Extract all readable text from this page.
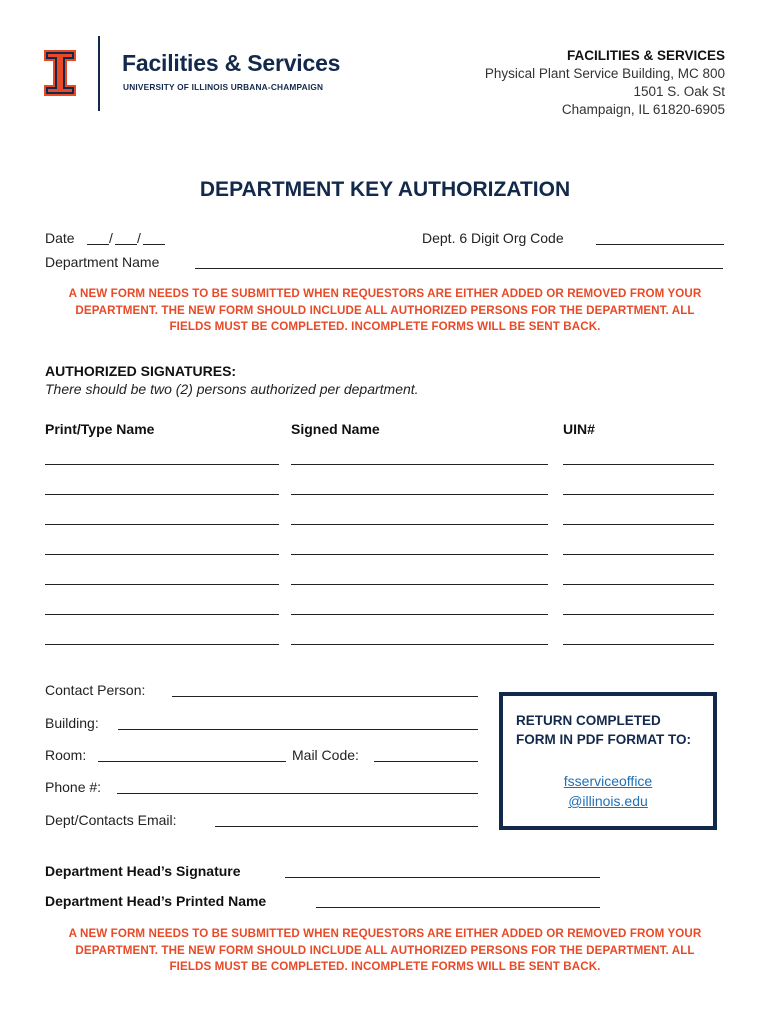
Facilities & Services
UNIVERSITY OF ILLINOIS URBANA-CHAMPAIGN
FACILITIES & SERVICES
Physical Plant Service Building, MC 800
1501 S. Oak St
Champaign, IL 61820-6905
DEPARTMENT KEY AUTHORIZATION
Date / /	Dept. 6 Digit Org Code
Department Name
A NEW FORM NEEDS TO BE SUBMITTED WHEN REQUESTORS ARE EITHER ADDED OR REMOVED FROM YOUR DEPARTMENT. THE NEW FORM SHOULD INCLUDE ALL AUTHORIZED PERSONS FOR THE DEPARTMENT. ALL FIELDS MUST BE COMPLETED. INCOMPLETE FORMS WILL BE SENT BACK.
AUTHORIZED SIGNATURES:
There should be two (2) persons authorized per department.
Print/Type Name	Signed Name	UIN#
Contact Person:
Building:
Room:	Mail Code:
Phone #:
Dept/Contacts Email:
RETURN COMPLETED FORM IN PDF FORMAT TO:
fsserviceoffice
@illinois.edu
Department Head’s Signature
Department Head’s Printed Name
A NEW FORM NEEDS TO BE SUBMITTED WHEN REQUESTORS ARE EITHER ADDED OR REMOVED FROM YOUR DEPARTMENT. THE NEW FORM SHOULD INCLUDE ALL AUTHORIZED PERSONS FOR THE DEPARTMENT. ALL FIELDS MUST BE COMPLETED. INCOMPLETE FORMS WILL BE SENT BACK.
